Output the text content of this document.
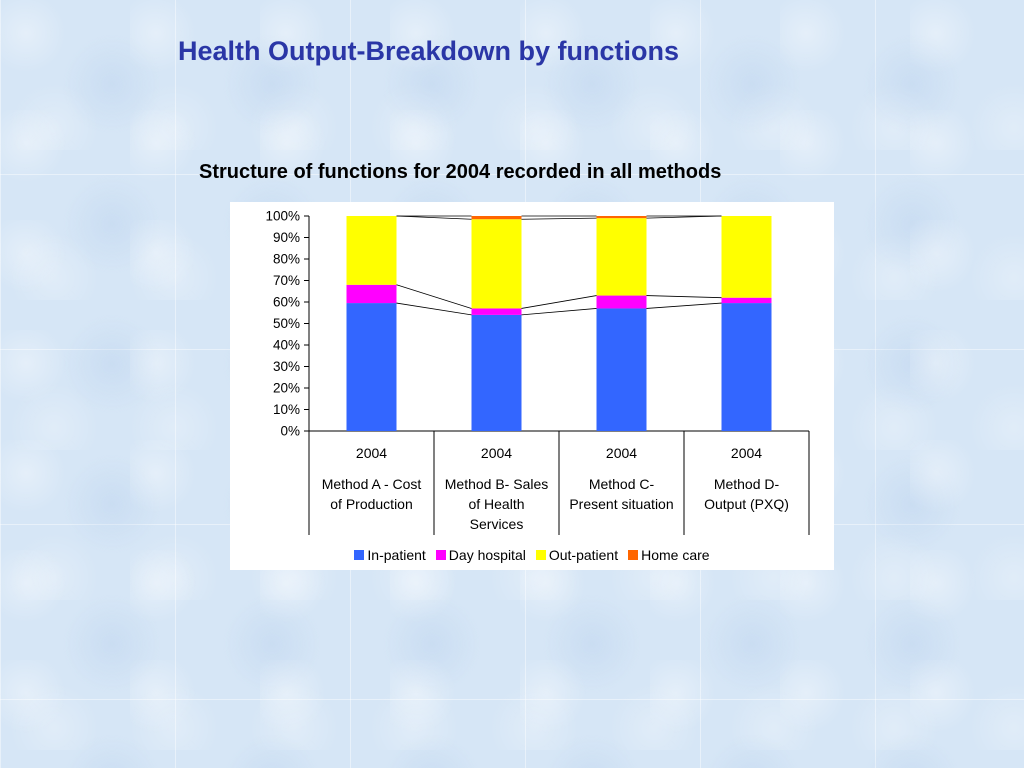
Health Output-Breakdown by functions
Structure of functions for 2004 recorded in all methods
0%
10%
20%
30%
40%
50%
60%
70%
80%
90%
100%
2004
Method A - Cost
of Production
2004
Method B- Sales
of Health
Services
2004
Method C-
Present situation
2004
Method D-
Output (PXQ)
In-patient Day hospital Out-patient Home care
